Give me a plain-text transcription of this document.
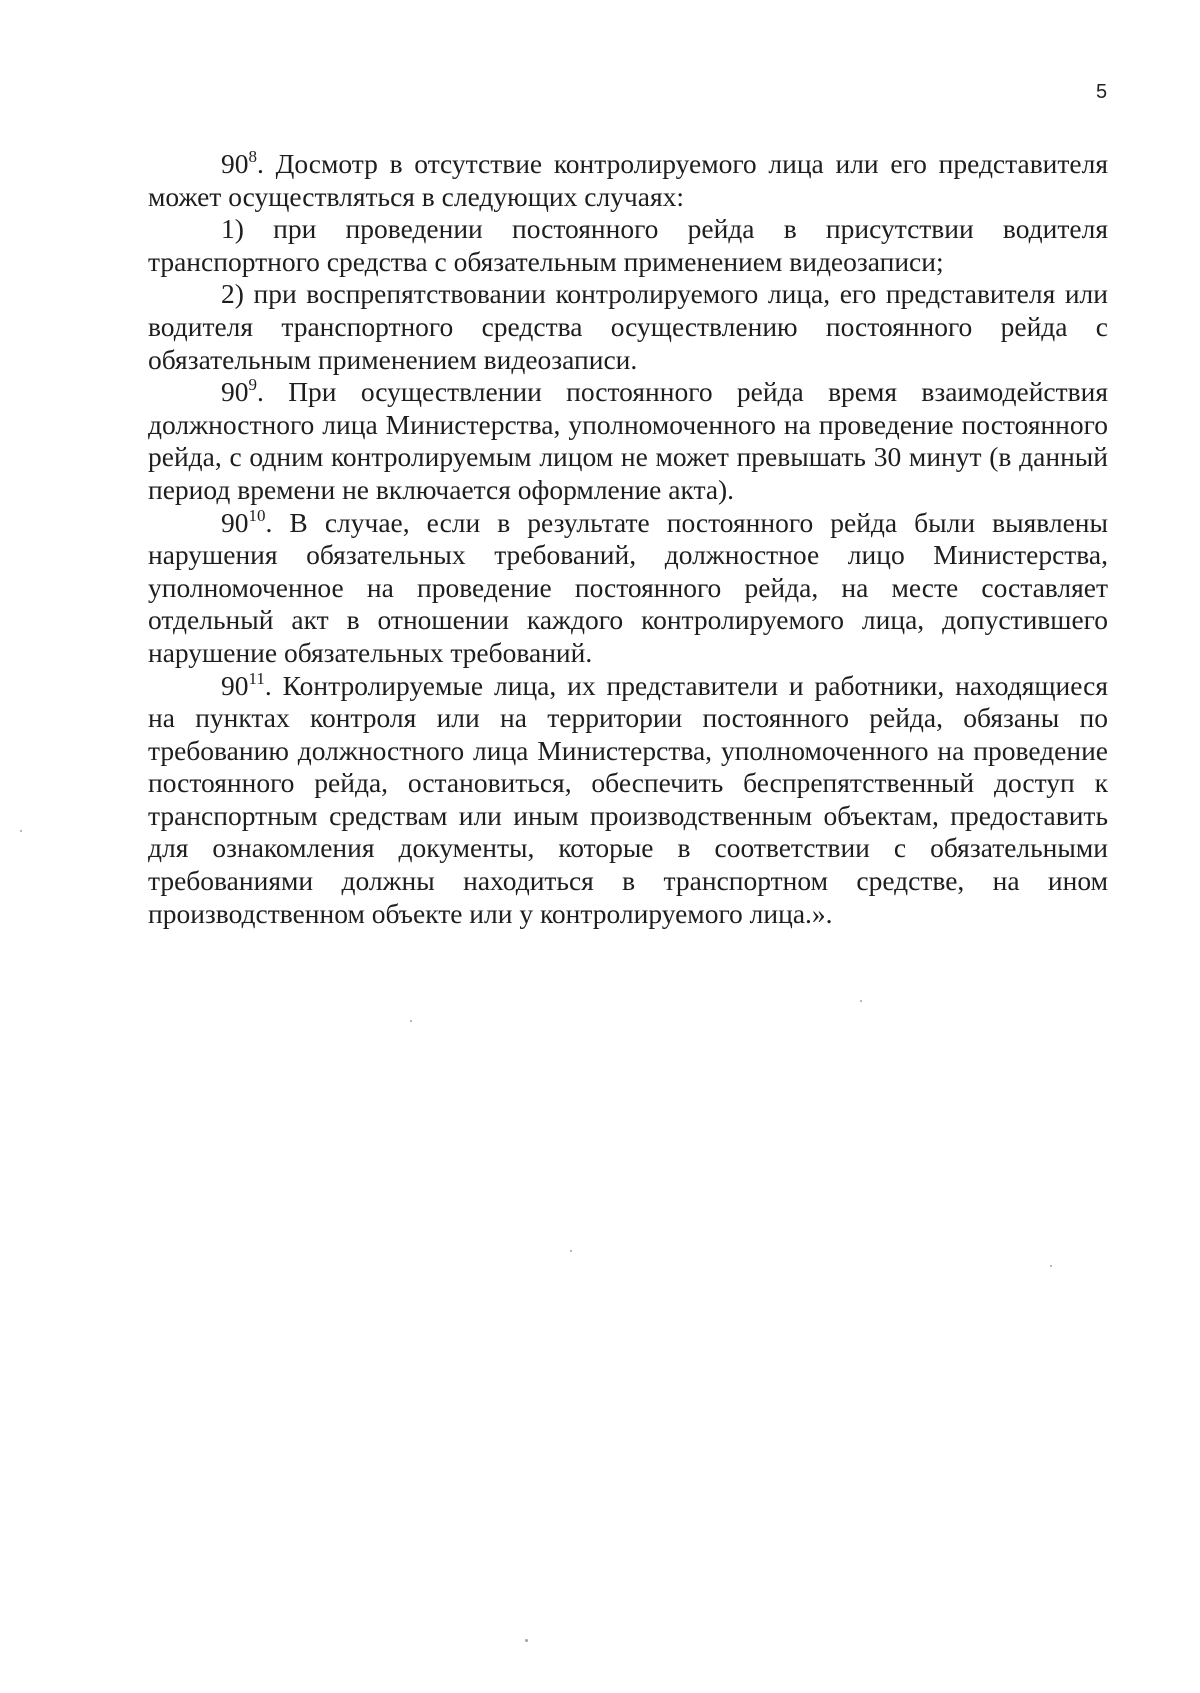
5

$90^8$. Досмотр в отсутствие контролируемого лица или его представителя может осуществляться в следующих случаях:

1) при проведении постоянного рейда в присутствии водителя транспортного средства с обязательным применением видеозаписи;

2) при воспрепятствовании контролируемого лица, его представителя или водителя транспортного средства осуществлению постоянного рейда с обязательным применением видеозаписи.

$90^9$. При осуществлении постоянного рейда время взаимодействия должностного лица Министерства, уполномоченного на проведение постоянного рейда, с одним контролируемым лицом не может превышать 30 минут (в данный период времени не включается оформление акта).

$90^{10}$. В случае, если в результате постоянного рейда были выявлены нарушения обязательных требований, должностное лицо Министерства, уполномоченное на проведение постоянного рейда, на месте составляет отдельный акт в отношении каждого контролируемого лица, допустившего нарушение обязательных требований.

$90^{11}$. Контролируемые лица, их представители и работники, находящиеся на пунктах контроля или на территории постоянного рейда, обязаны по требованию должностного лица Министерства, уполномоченного на проведение постоянного рейда, остановиться, обеспечить беспрепятственный доступ к транспортным средствам или иным производственным объектам, предоставить для ознакомления документы, которые в соответствии с обязательными требованиями должны находиться в транспортном средстве, на ином производственном объекте или у контролируемого лица.».
